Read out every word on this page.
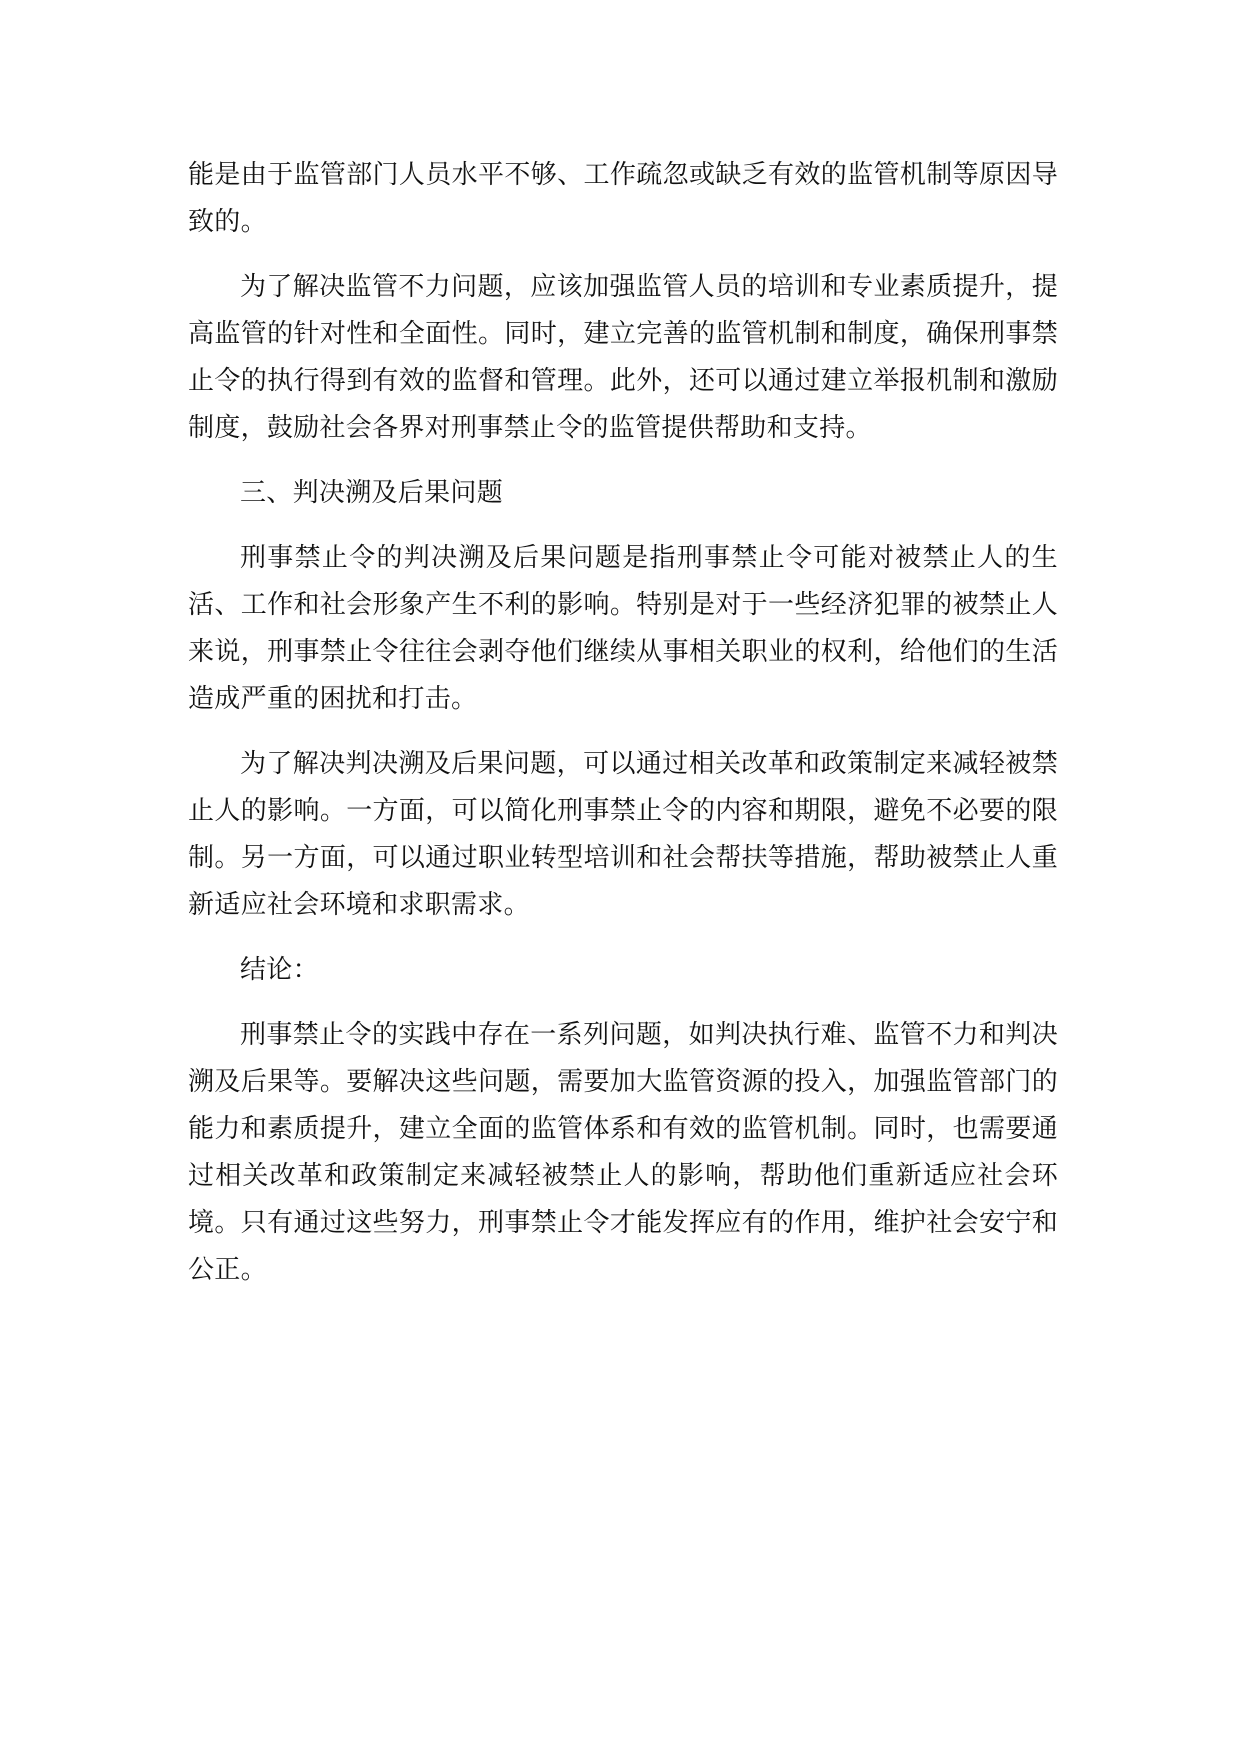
能是由于监管部门人员水平不够、工作疏忽或缺乏有效的监管机制等原因导致的。

为了解决监管不力问题，应该加强监管人员的培训和专业素质提升，提高监管的针对性和全面性。同时，建立完善的监管机制和制度，确保刑事禁止令的执行得到有效的监督和管理。此外，还可以通过建立举报机制和激励制度，鼓励社会各界对刑事禁止令的监管提供帮助和支持。

三、判决溯及后果问题

刑事禁止令的判决溯及后果问题是指刑事禁止令可能对被禁止人的生活、工作和社会形象产生不利的影响。特别是对于一些经济犯罪的被禁止人来说，刑事禁止令往往会剥夺他们继续从事相关职业的权利，给他们的生活造成严重的困扰和打击。

为了解决判决溯及后果问题，可以通过相关改革和政策制定来减轻被禁止人的影响。一方面，可以简化刑事禁止令的内容和期限，避免不必要的限制。另一方面，可以通过职业转型培训和社会帮扶等措施，帮助被禁止人重新适应社会环境和求职需求。

结论：

刑事禁止令的实践中存在一系列问题，如判决执行难、监管不力和判决溯及后果等。要解决这些问题，需要加大监管资源的投入，加强监管部门的能力和素质提升，建立全面的监管体系和有效的监管机制。同时，也需要通过相关改革和政策制定来减轻被禁止人的影响，帮助他们重新适应社会环境。只有通过这些努力，刑事禁止令才能发挥应有的作用，维护社会安宁和公正。
